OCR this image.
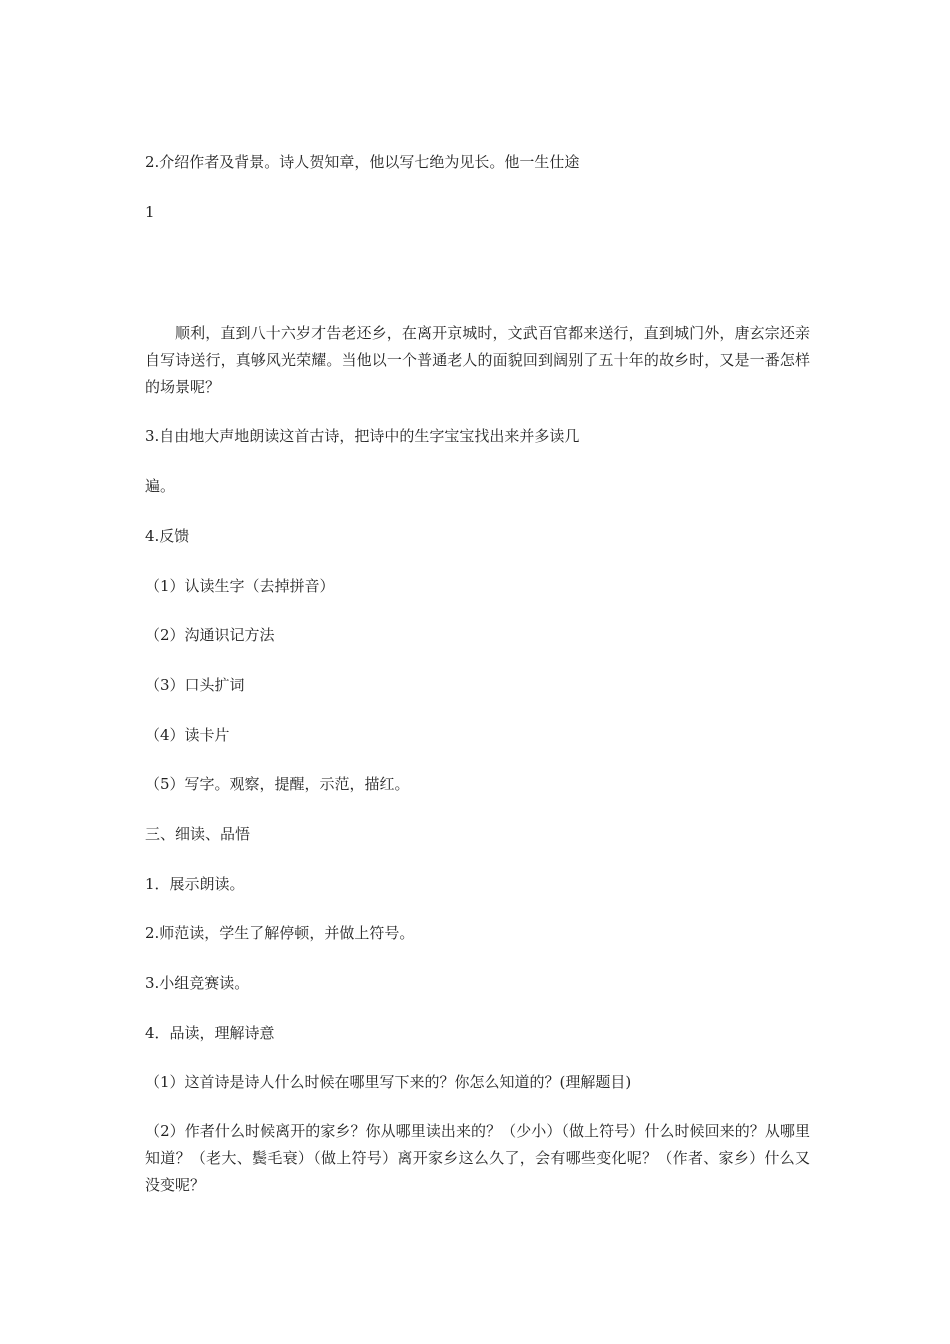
2.介绍作者及背景。诗人贺知章，他以写七绝为见长。他一生仕途

1

顺利，直到八十六岁才告老还乡，在离开京城时，文武百官都来送行，直到城门外，唐玄宗还亲自写诗送行，真够风光荣耀。当他以一个普通老人的面貌回到阔别了五十年的故乡时，又是一番怎样的场景呢？

3.自由地大声地朗读这首古诗，把诗中的生字宝宝找出来并多读几

遍。

4.反馈

（1）认读生字（去掉拼音）

（2）沟通识记方法

（3）口头扩词

（4）读卡片

（5）写字。观察，提醒，示范，描红。

三、细读、品悟

1．展示朗读。

2.师范读，学生了解停顿，并做上符号。

3.小组竞赛读。

4．品读，理解诗意

（1）这首诗是诗人什么时候在哪里写下来的？你怎么知道的？(理解题目)

（2）作者什么时候离开的家乡？你从哪里读出来的？（少小）（做上符号）什么时候回来的？从哪里知道？（老大、鬓毛衰）（做上符号）离开家乡这么久了，会有哪些变化呢？（作者、家乡）什么又没变呢？
